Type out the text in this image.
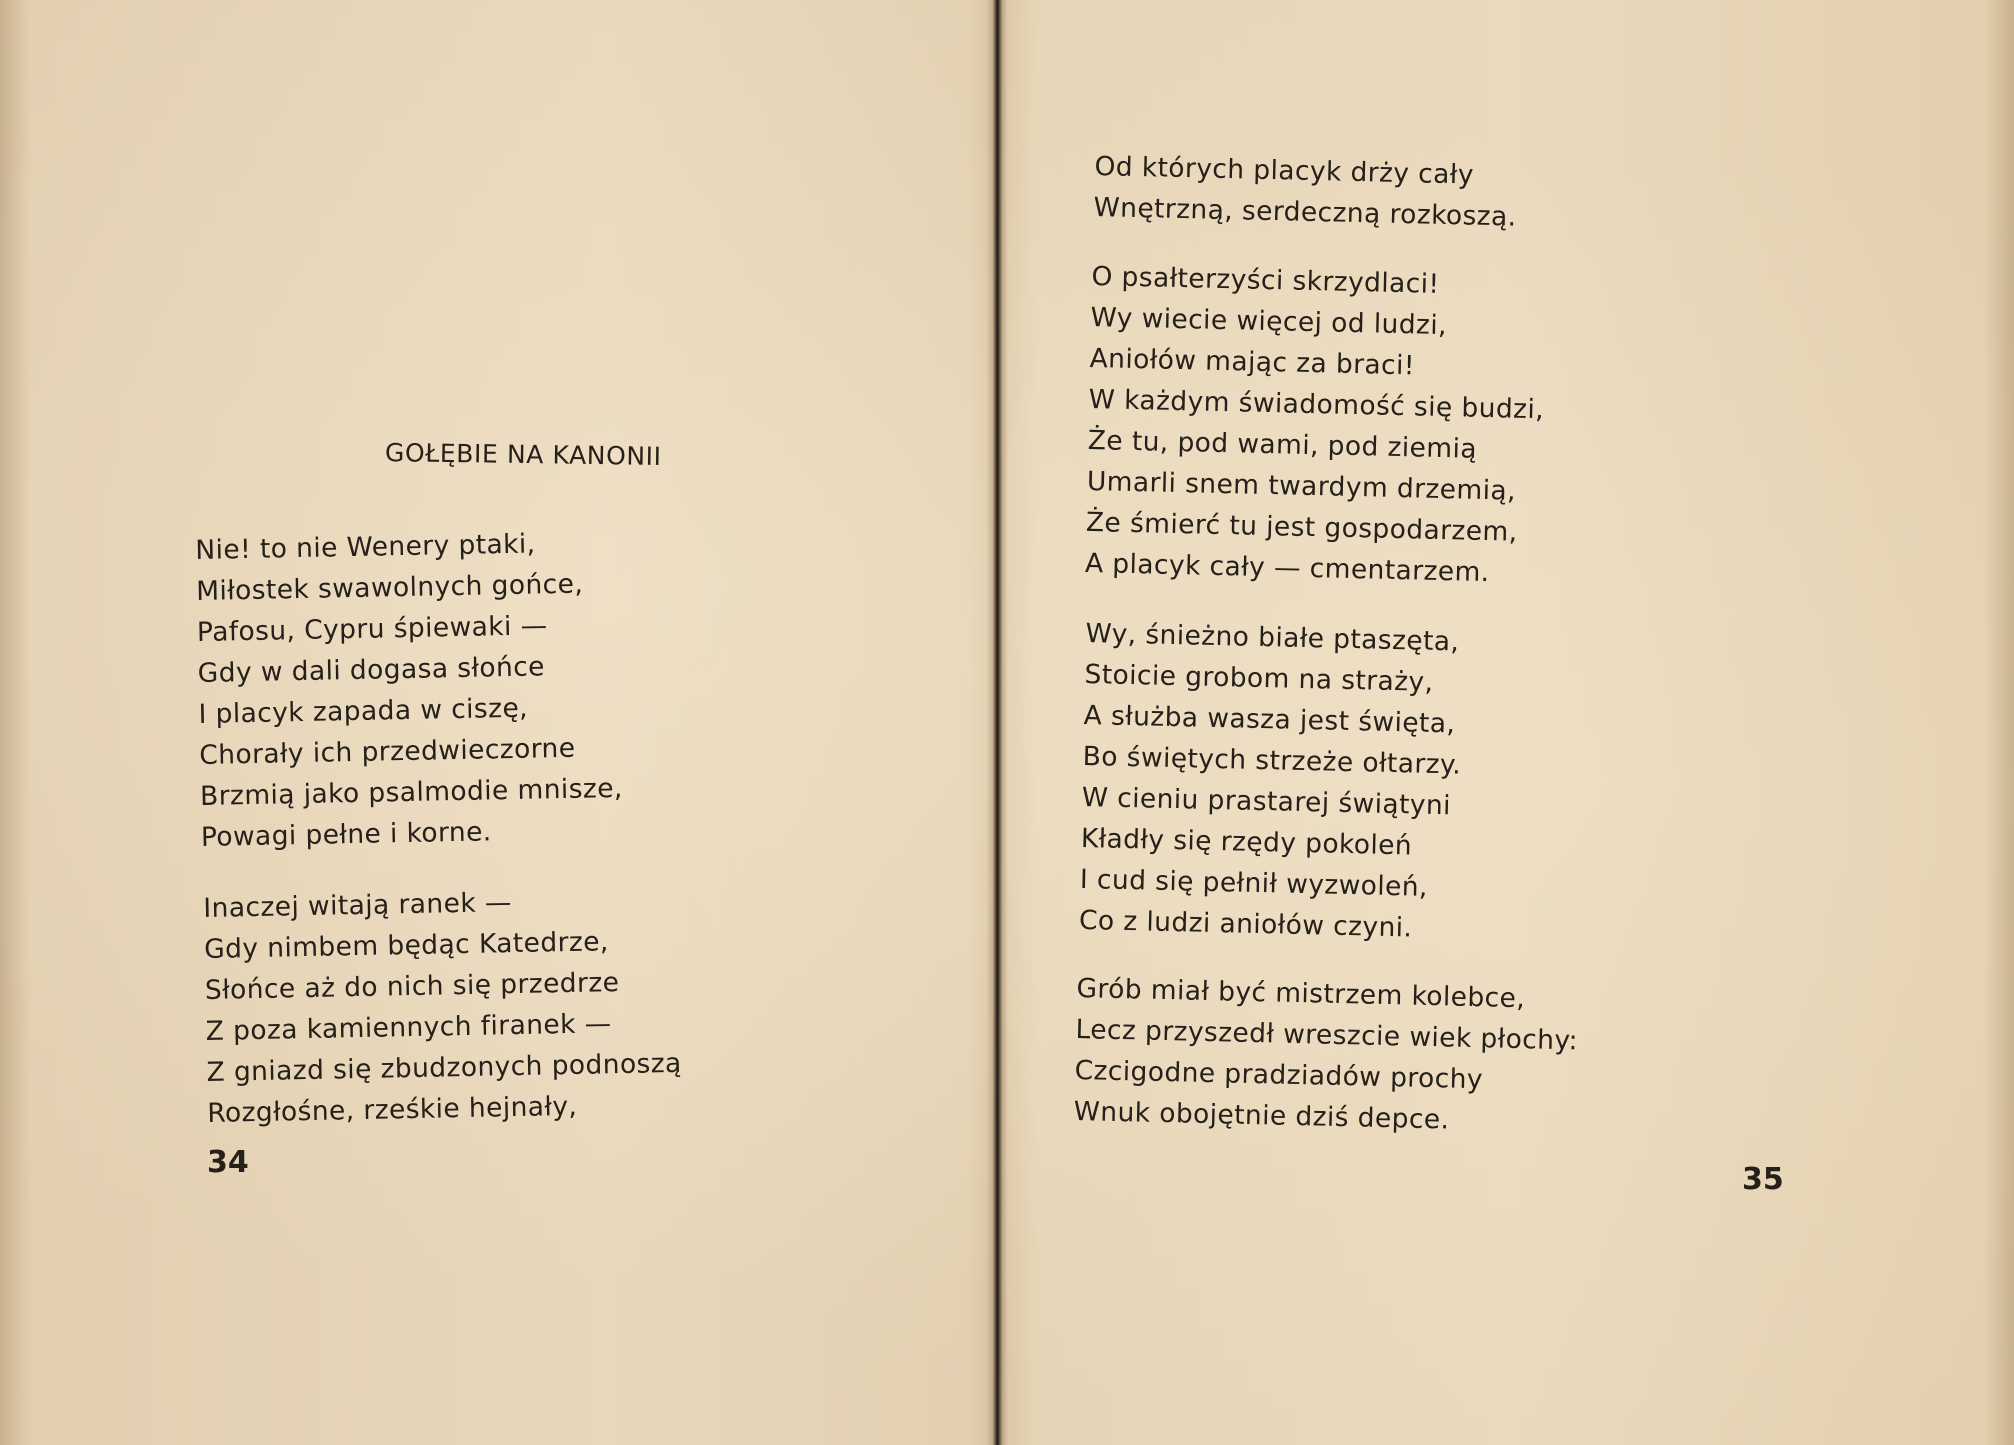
GOŁĘBIE NA KANONII
Nie! to nie Wenery ptaki,
Miłostek swawolnych gońce,
Pafosu, Cypru śpiewaki —
Gdy w dali dogasa słońce
I placyk zapada w ciszę,
Chorały ich przedwieczorne
Brzmią jako psalmodie mnisze,
Powagi pełne i korne.
Inaczej witają ranek —
Gdy nimbem będąc Katedrze,
Słońce aż do nich się przedrze
Z poza kamiennych firanek —
Z gniazd się zbudzonych podnoszą
Rozgłośne, rześkie hejnały,
34
Od których placyk drży cały
Wnętrzną, serdeczną rozkoszą.
O psałterzyści skrzydlaci!
Wy wiecie więcej od ludzi,
Aniołów mając za braci!
W każdym świadomość się budzi,
Że tu, pod wami, pod ziemią
Umarli snem twardym drzemią,
Że śmierć tu jest gospodarzem,
A placyk cały — cmentarzem.
Wy, śnieżno białe ptaszęta,
Stoicie grobom na straży,
A służba wasza jest święta,
Bo świętych strzeże ołtarzy.
W cieniu prastarej świątyni
Kładły się rzędy pokoleń
I cud się pełnił wyzwoleń,
Co z ludzi aniołów czyni.
Grób miał być mistrzem kolebce,
Lecz przyszedł wreszcie wiek płochy:
Czcigodne pradziadów prochy
Wnuk obojętnie dziś depce.
35
